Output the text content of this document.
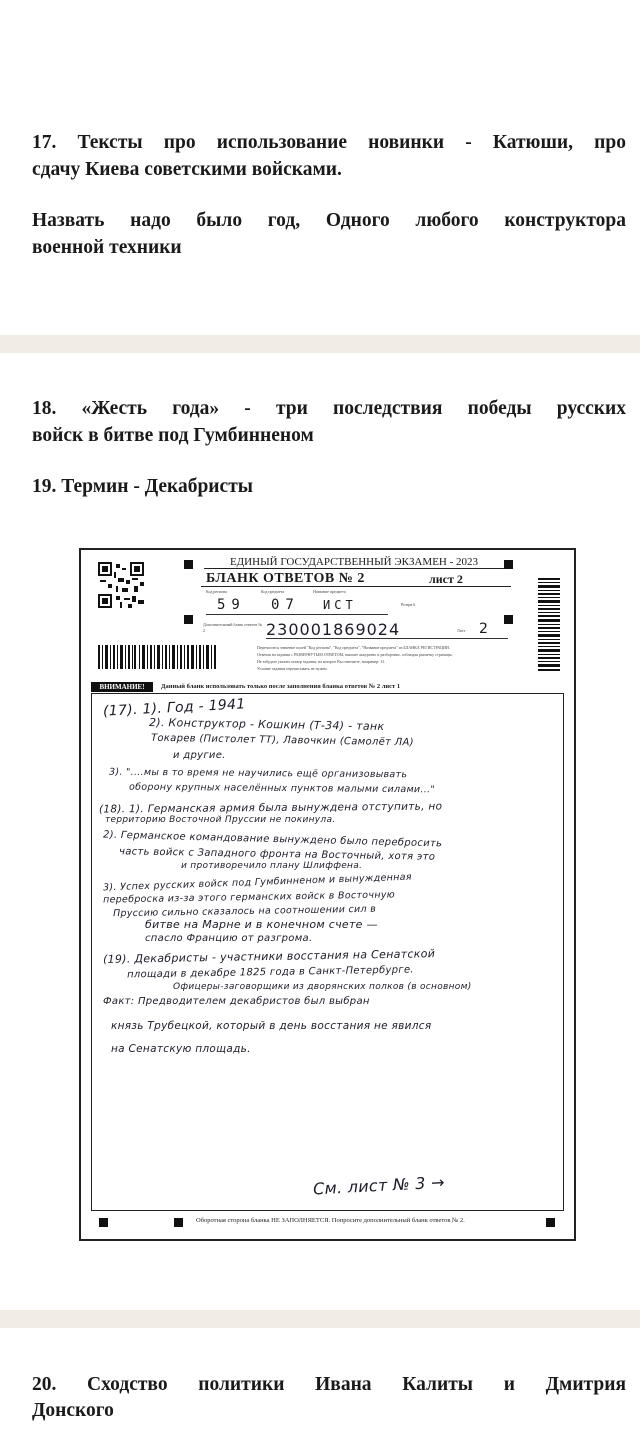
17. Тексты про использование новинки - Катюши, про
сдачу Киева советскими войсками.
Назвать надо было год, Одного любого конструктора
военной техники
18. «Жесть года» - три последствия победы русских
войск в битве под Гумбинненом
19. Термин - Декабристы
ЕДИНЫЙ ГОСУДАРСТВЕННЫЙ ЭКЗАМЕН - 2023
БЛАНК ОТВЕТОВ № 2	лист 2
Код региона	Код предмета	Название предмета
59 07 ИСТ	Резерв 6
Дополнительный бланк ответов № 2	230001869024	Лист 2
Переносится значение полей "Код региона", "Код предмета", "Название предмета" из БЛАНКА РЕГИСТРАЦИИ.
Отвечая на задания с РАЗВЕРНУТЫМ ОТВЕТОМ, пишите аккуратно и разборчиво, соблюдая разметку страницы.
Не забудьте указать номер задания, на которое Вы отвечаете, например: 31.
Условие задания переписывать не нужно.
ВНИМАНИЕ!	Данный бланк использовать только после заполнения бланка ответов № 2 лист 1
(17). 1). Год - 1941
2). Конструктор - Кошкин (Т-34) - танк
Токарев (Пистолет ТТ), Лавочкин (Самолёт ЛА)
и другие.
3). "....мы в то время не научились ещё организовывать
оборону крупных населённых пунктов малыми силами..."
(18). 1). Германская армия была вынуждена отступить, но
территорию Восточной Пруссии не покинула.
2). Германское командование вынуждено было перебросить
часть войск с Западного фронта на Восточный, хотя это
и противоречило плану Шлиффена.
3). Успех русских войск под Гумбинненом и вынужденная
переброска из-за этого германских войск в Восточную
Пруссию сильно сказалось на соотношении сил в
битве на Марне и в конечном счете —
спасло Францию от разгрома.
(19). Декабристы - участники восстания на Сенатской
площади в декабре 1825 года в Санкт-Петербурге.
Офицеры-заговорщики из дворянских полков (в основном)
Факт: Предводителем декабристов был выбран
князь Трубецкой, который в день восстания не явился
на Сенатскую площадь.
См. лист № 3 →
Оборотная сторона бланка НЕ ЗАПОЛНЯЕТСЯ. Попросите дополнительный бланк ответов № 2.
20. Сходство политики Ивана Калиты и Дмитрия
Донского
